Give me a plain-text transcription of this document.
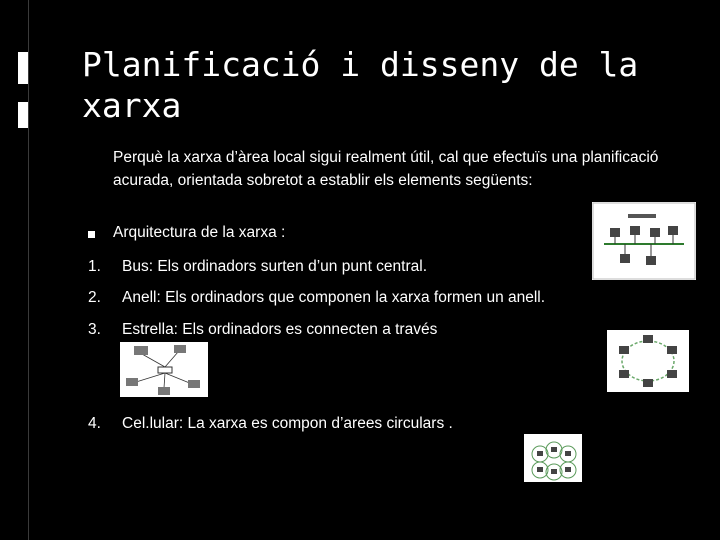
Planificació i disseny de la
xarxa
Perquè la xarxa d’àrea local sigui realment útil, cal que efectuïs una planificació acurada, orientada sobretot a establir els elements següents:
Arquitectura de la xarxa :
1. Bus: Els ordinadors surten d’un punt central.
2. Anell: Els ordinadors que componen la xarxa formen un anell.
3. Estrella: Els ordinadors es connecten a través
4. Cel.lular: La xarxa es compon d’arees circulars .
